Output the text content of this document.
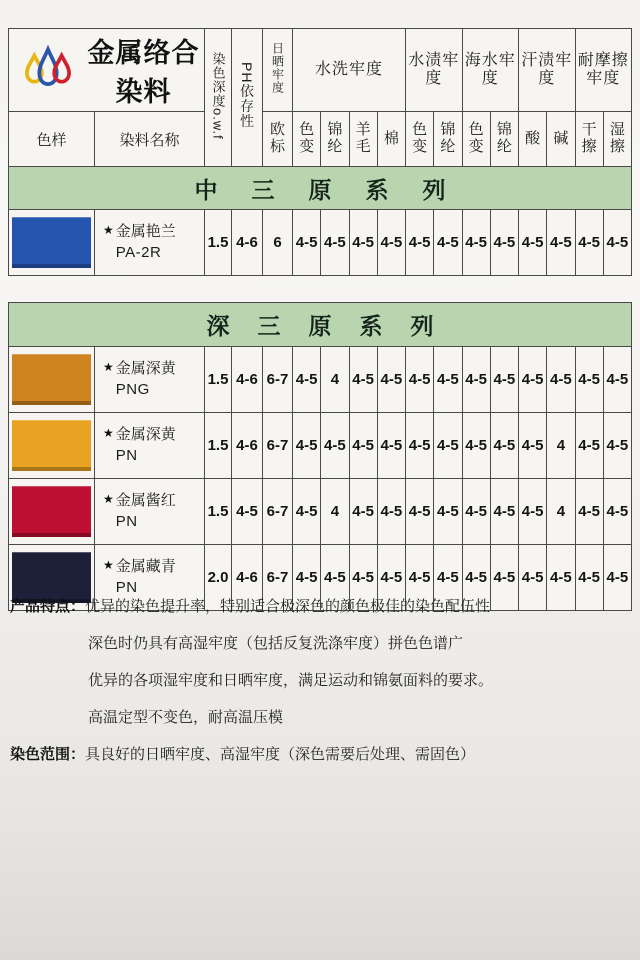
金属络合染料		染色深度o.w.f	PH依存性	日晒牢度	水洗牢度				水渍牢度		海水牢度		汗渍牢度		耐摩擦牢度	
色样	染料名称			欧标	色变	锦纶	羊毛	棉	色变	锦纶	色变	锦纶	酸	碱	干擦	湿擦
中三原系列																

	★ 金属艳兰
PA-2R	1.5	4-6	6	4-5	4-5	4-5	4-5	4-5	4-5	4-5	4-5	4-5	4-5	4-5	4-5
深三原系列																

	★ 金属深黄
PNG	1.5	4-6	6-7	4-5	4	4-5	4-5	4-5	4-5	4-5	4-5	4-5	4-5	4-5	4-5

	★ 金属深黄
PN	1.5	4-6	6-7	4-5	4-5	4-5	4-5	4-5	4-5	4-5	4-5	4-5	4	4-5	4-5

	★ 金属酱红
PN	1.5	4-5	6-7	4-5	4	4-5	4-5	4-5	4-5	4-5	4-5	4-5	4	4-5	4-5

	★ 金属藏青
PN	2.0	4-6	6-7	4-5	4-5	4-5	4-5	4-5	4-5	4-5	4-5	4-5	4-5	4-5	4-5
产品特点：优异的染色提升率，特别适合极深色的颜色极佳的染色配伍性
深色时仍具有高湿牢度（包括反复洗涤牢度）拼色色谱广
优异的各项湿牢度和日晒牢度，满足运动和锦氨面料的要求。
高温定型不变色，耐高温压模
染色范围：具良好的日晒牢度、高湿牢度（深色需要后处理、需固色）
